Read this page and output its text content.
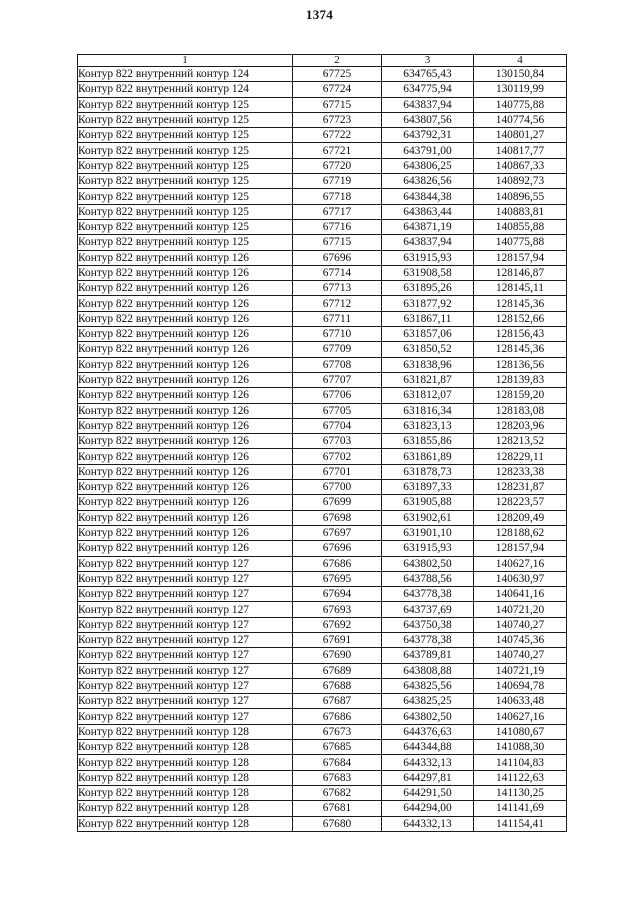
1374
1	2	3	4
Контур 822 внутренний контур 124	67725	634765,43	130150,84
Контур 822 внутренний контур 124	67724	634775,94	130119,99
Контур 822 внутренний контур 125	67715	643837,94	140775,88
Контур 822 внутренний контур 125	67723	643807,56	140774,56
Контур 822 внутренний контур 125	67722	643792,31	140801,27
Контур 822 внутренний контур 125	67721	643791,00	140817,77
Контур 822 внутренний контур 125	67720	643806,25	140867,33
Контур 822 внутренний контур 125	67719	643826,56	140892,73
Контур 822 внутренний контур 125	67718	643844,38	140896,55
Контур 822 внутренний контур 125	67717	643863,44	140883,81
Контур 822 внутренний контур 125	67716	643871,19	140855,88
Контур 822 внутренний контур 125	67715	643837,94	140775,88
Контур 822 внутренний контур 126	67696	631915,93	128157,94
Контур 822 внутренний контур 126	67714	631908,58	128146,87
Контур 822 внутренний контур 126	67713	631895,26	128145,11
Контур 822 внутренний контур 126	67712	631877,92	128145,36
Контур 822 внутренний контур 126	67711	631867,11	128152,66
Контур 822 внутренний контур 126	67710	631857,06	128156,43
Контур 822 внутренний контур 126	67709	631850,52	128145,36
Контур 822 внутренний контур 126	67708	631838,96	128136,56
Контур 822 внутренний контур 126	67707	631821,87	128139,83
Контур 822 внутренний контур 126	67706	631812,07	128159,20
Контур 822 внутренний контур 126	67705	631816,34	128183,08
Контур 822 внутренний контур 126	67704	631823,13	128203,96
Контур 822 внутренний контур 126	67703	631855,86	128213,52
Контур 822 внутренний контур 126	67702	631861,89	128229,11
Контур 822 внутренний контур 126	67701	631878,73	128233,38
Контур 822 внутренний контур 126	67700	631897,33	128231,87
Контур 822 внутренний контур 126	67699	631905,88	128223,57
Контур 822 внутренний контур 126	67698	631902,61	128209,49
Контур 822 внутренний контур 126	67697	631901,10	128188,62
Контур 822 внутренний контур 126	67696	631915,93	128157,94
Контур 822 внутренний контур 127	67686	643802,50	140627,16
Контур 822 внутренний контур 127	67695	643788,56	140630,97
Контур 822 внутренний контур 127	67694	643778,38	140641,16
Контур 822 внутренний контур 127	67693	643737,69	140721,20
Контур 822 внутренний контур 127	67692	643750,38	140740,27
Контур 822 внутренний контур 127	67691	643778,38	140745,36
Контур 822 внутренний контур 127	67690	643789,81	140740,27
Контур 822 внутренний контур 127	67689	643808,88	140721,19
Контур 822 внутренний контур 127	67688	643825,56	140694,78
Контур 822 внутренний контур 127	67687	643825,25	140633,48
Контур 822 внутренний контур 127	67686	643802,50	140627,16
Контур 822 внутренний контур 128	67673	644376,63	141080,67
Контур 822 внутренний контур 128	67685	644344,88	141088,30
Контур 822 внутренний контур 128	67684	644332,13	141104,83
Контур 822 внутренний контур 128	67683	644297,81	141122,63
Контур 822 внутренний контур 128	67682	644291,50	141130,25
Контур 822 внутренний контур 128	67681	644294,00	141141,69
Контур 822 внутренний контур 128	67680	644332,13	141154,41
